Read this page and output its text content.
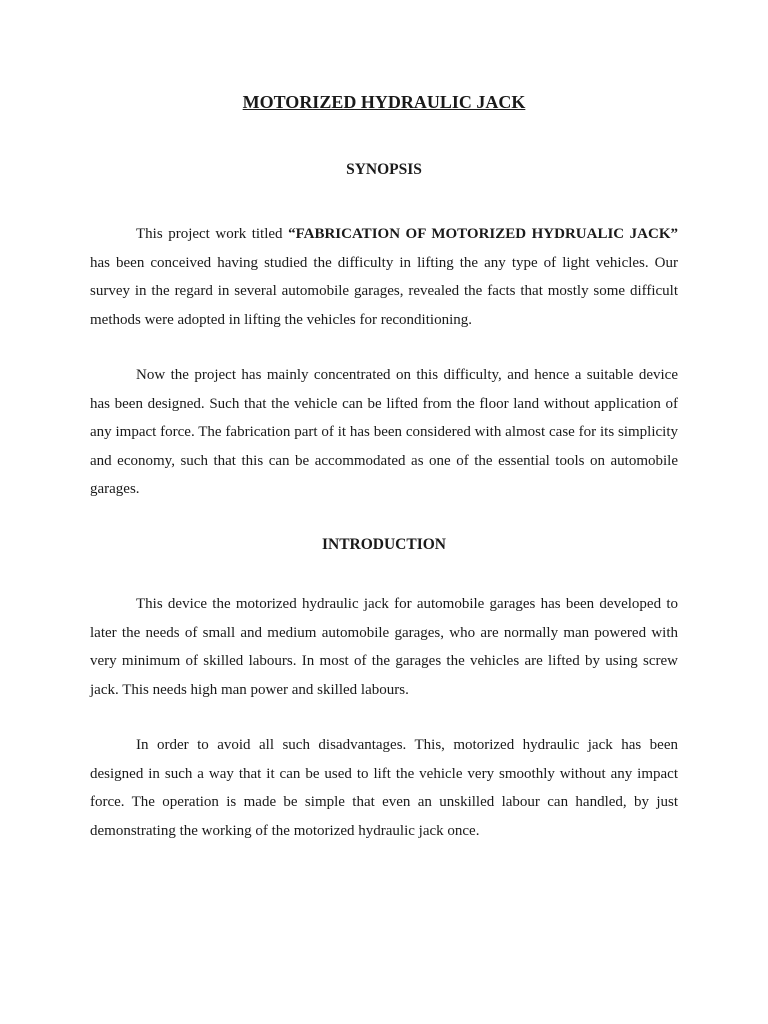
MOTORIZED HYDRAULIC JACK
SYNOPSIS

This project work titled “FABRICATION OF MOTORIZED HYDRUALIC JACK” has been conceived having studied the difficulty in lifting the any type of light vehicles. Our survey in the regard in several automobile garages, revealed the facts that mostly some difficult methods were adopted in lifting the vehicles for reconditioning.

Now the project has mainly concentrated on this difficulty, and hence a suitable device has been designed. Such that the vehicle can be lifted from the floor land without application of any impact force. The fabrication part of it has been considered with almost case for its simplicity and economy, such that this can be accommodated as one of the essential tools on automobile garages.

INTRODUCTION

This device the motorized hydraulic jack for automobile garages has been developed to later the needs of small and medium automobile garages, who are normally man powered with very minimum of skilled labours. In most of the garages the vehicles are lifted by using screw jack. This needs high man power and skilled labours.

In order to avoid all such disadvantages. This, motorized hydraulic jack has been designed in such a way that it can be used to lift the vehicle very smoothly without any impact force. The operation is made be simple that even an unskilled labour can handled, by just demonstrating the working of the motorized hydraulic jack once.
